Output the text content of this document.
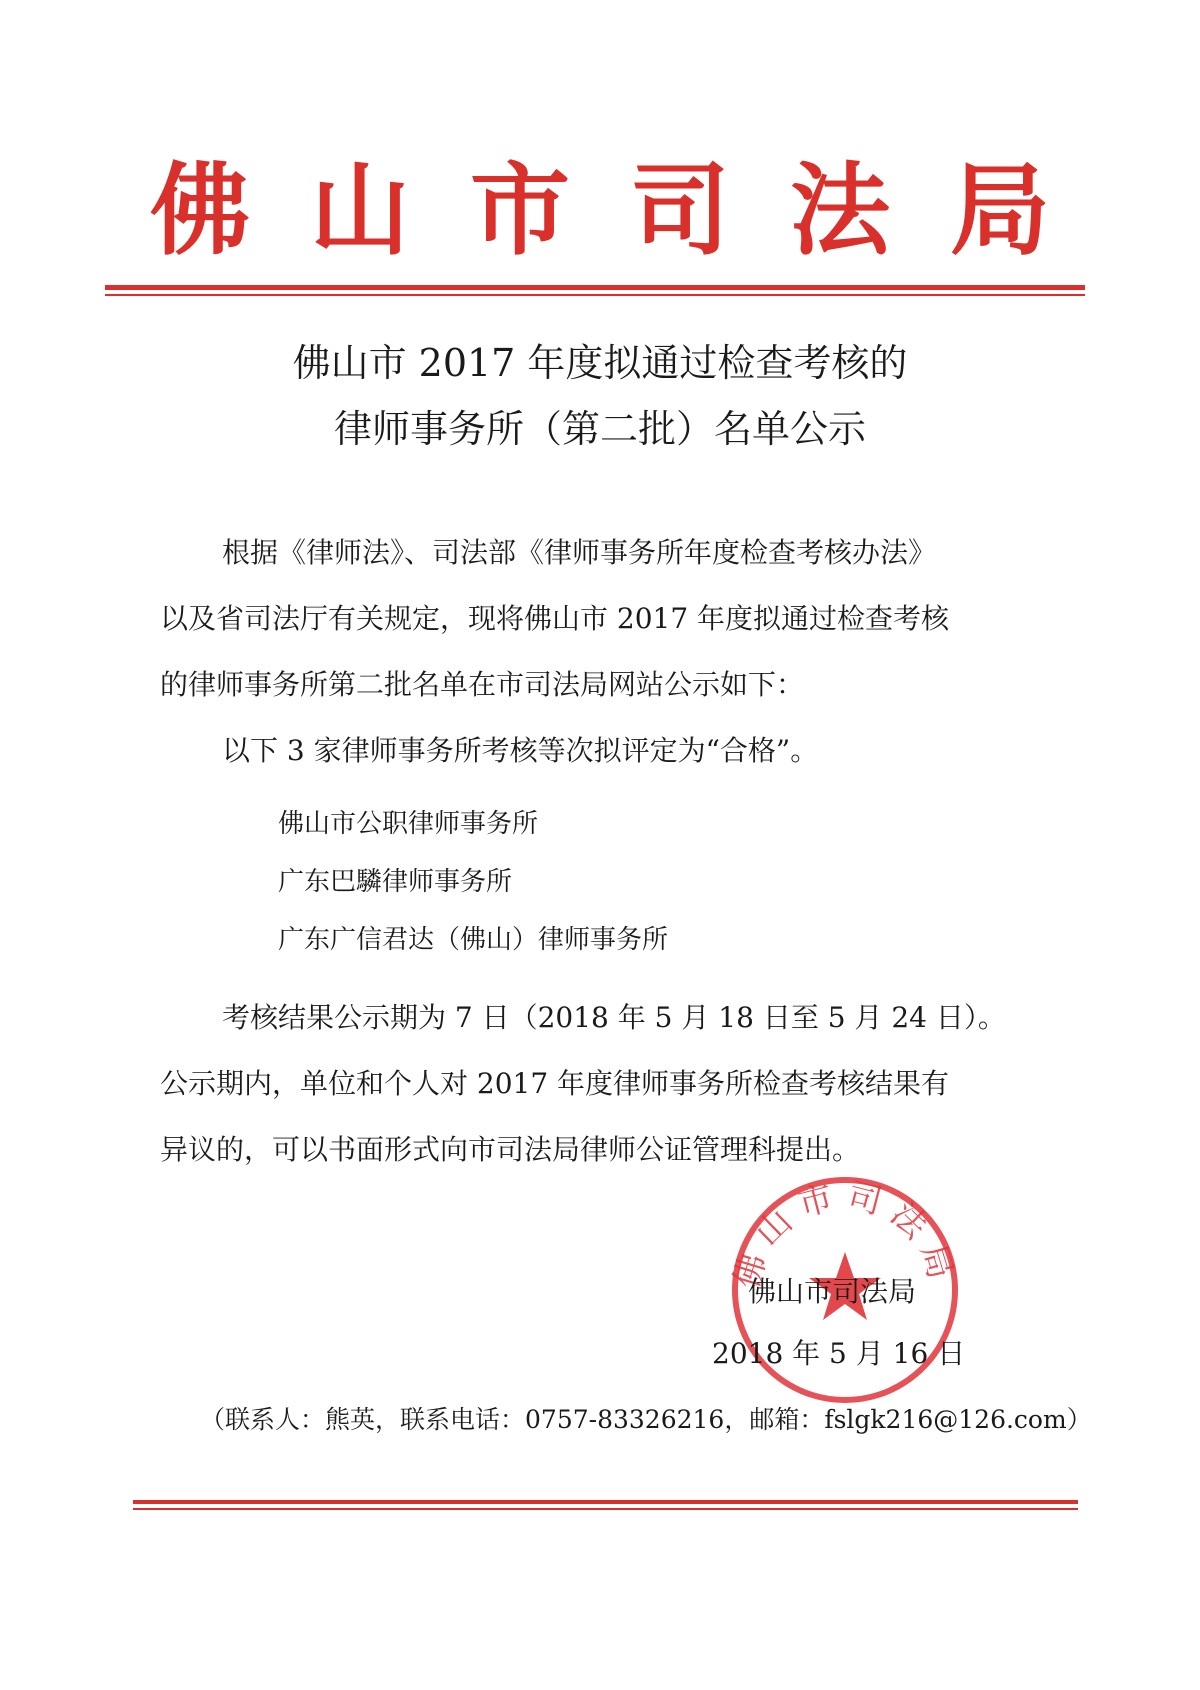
佛 山 市 司 法 局
佛山市 2017 年度拟通过检查考核的
律师事务所（第二批）名单公示
根据《律师法》、司法部《律师事务所年度检查考核办法》
以及省司法厅有关规定，现将佛山市 2017 年度拟通过检查考核
的律师事务所第二批名单在市司法局网站公示如下：
以下 3 家律师事务所考核等次拟评定为“合格”。
佛山市公职律师事务所
广东巴驎律师事务所
广东广信君达（佛山）律师事务所
考核结果公示期为 7 日（2018 年 5 月 18 日至 5 月 24 日）。
公示期内，单位和个人对 2017 年度律师事务所检查考核结果有
异议的，可以书面形式向市司法局律师公证管理科提出。
佛山市司法局
佛山市司法局
2018 年 5 月 16 日
（联系人：熊英，联系电话：0757-83326216，邮箱：fslgk216@126.com）
